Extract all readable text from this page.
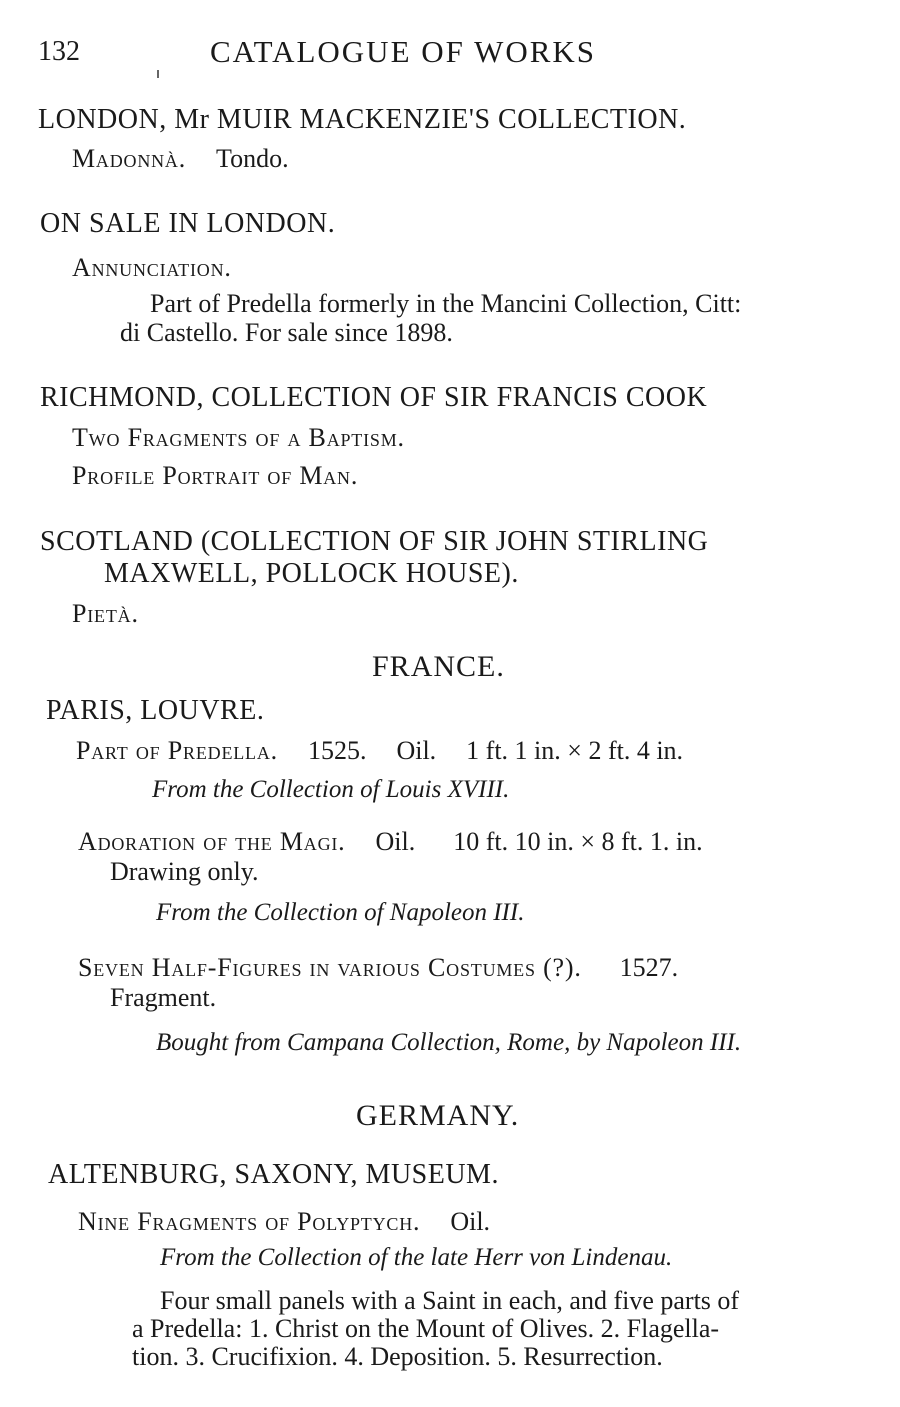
132	CATALOGUE OF WORKS
LONDON, Mr MUIR MACKENZIE'S COLLECTION.
Madonnà. Tondo.
ON SALE IN LONDON.
Annunciation.
Part of Predella formerly in the Mancini Collection, Citt:
di Castello. For sale since 1898.
RICHMOND, COLLECTION OF SIR FRANCIS COOK
Two Fragments of a Baptism.
Profile Portrait of Man.
SCOTLAND (COLLECTION OF SIR JOHN STIRLING
MAXWELL, POLLOCK HOUSE).
Pietà.
FRANCE.
PARIS, LOUVRE.
Part of Predella. 1525. Oil. 1 ft. 1 in. × 2 ft. 4 in.
From the Collection of Louis XVIII.
Adoration of the Magi. Oil. 10 ft. 10 in. × 8 ft. 1. in.
Drawing only.
From the Collection of Napoleon III.
Seven Half-Figures in various Costumes (?). 1527.
Fragment.
Bought from Campana Collection, Rome, by Napoleon III.
GERMANY.
ALTENBURG, SAXONY, MUSEUM.
Nine Fragments of Polyptych. Oil.
From the Collection of the late Herr von Lindenau.
Four small panels with a Saint in each, and five parts of
a Predella: 1. Christ on the Mount of Olives. 2. Flagella-
tion. 3. Crucifixion. 4. Deposition. 5. Resurrection.
